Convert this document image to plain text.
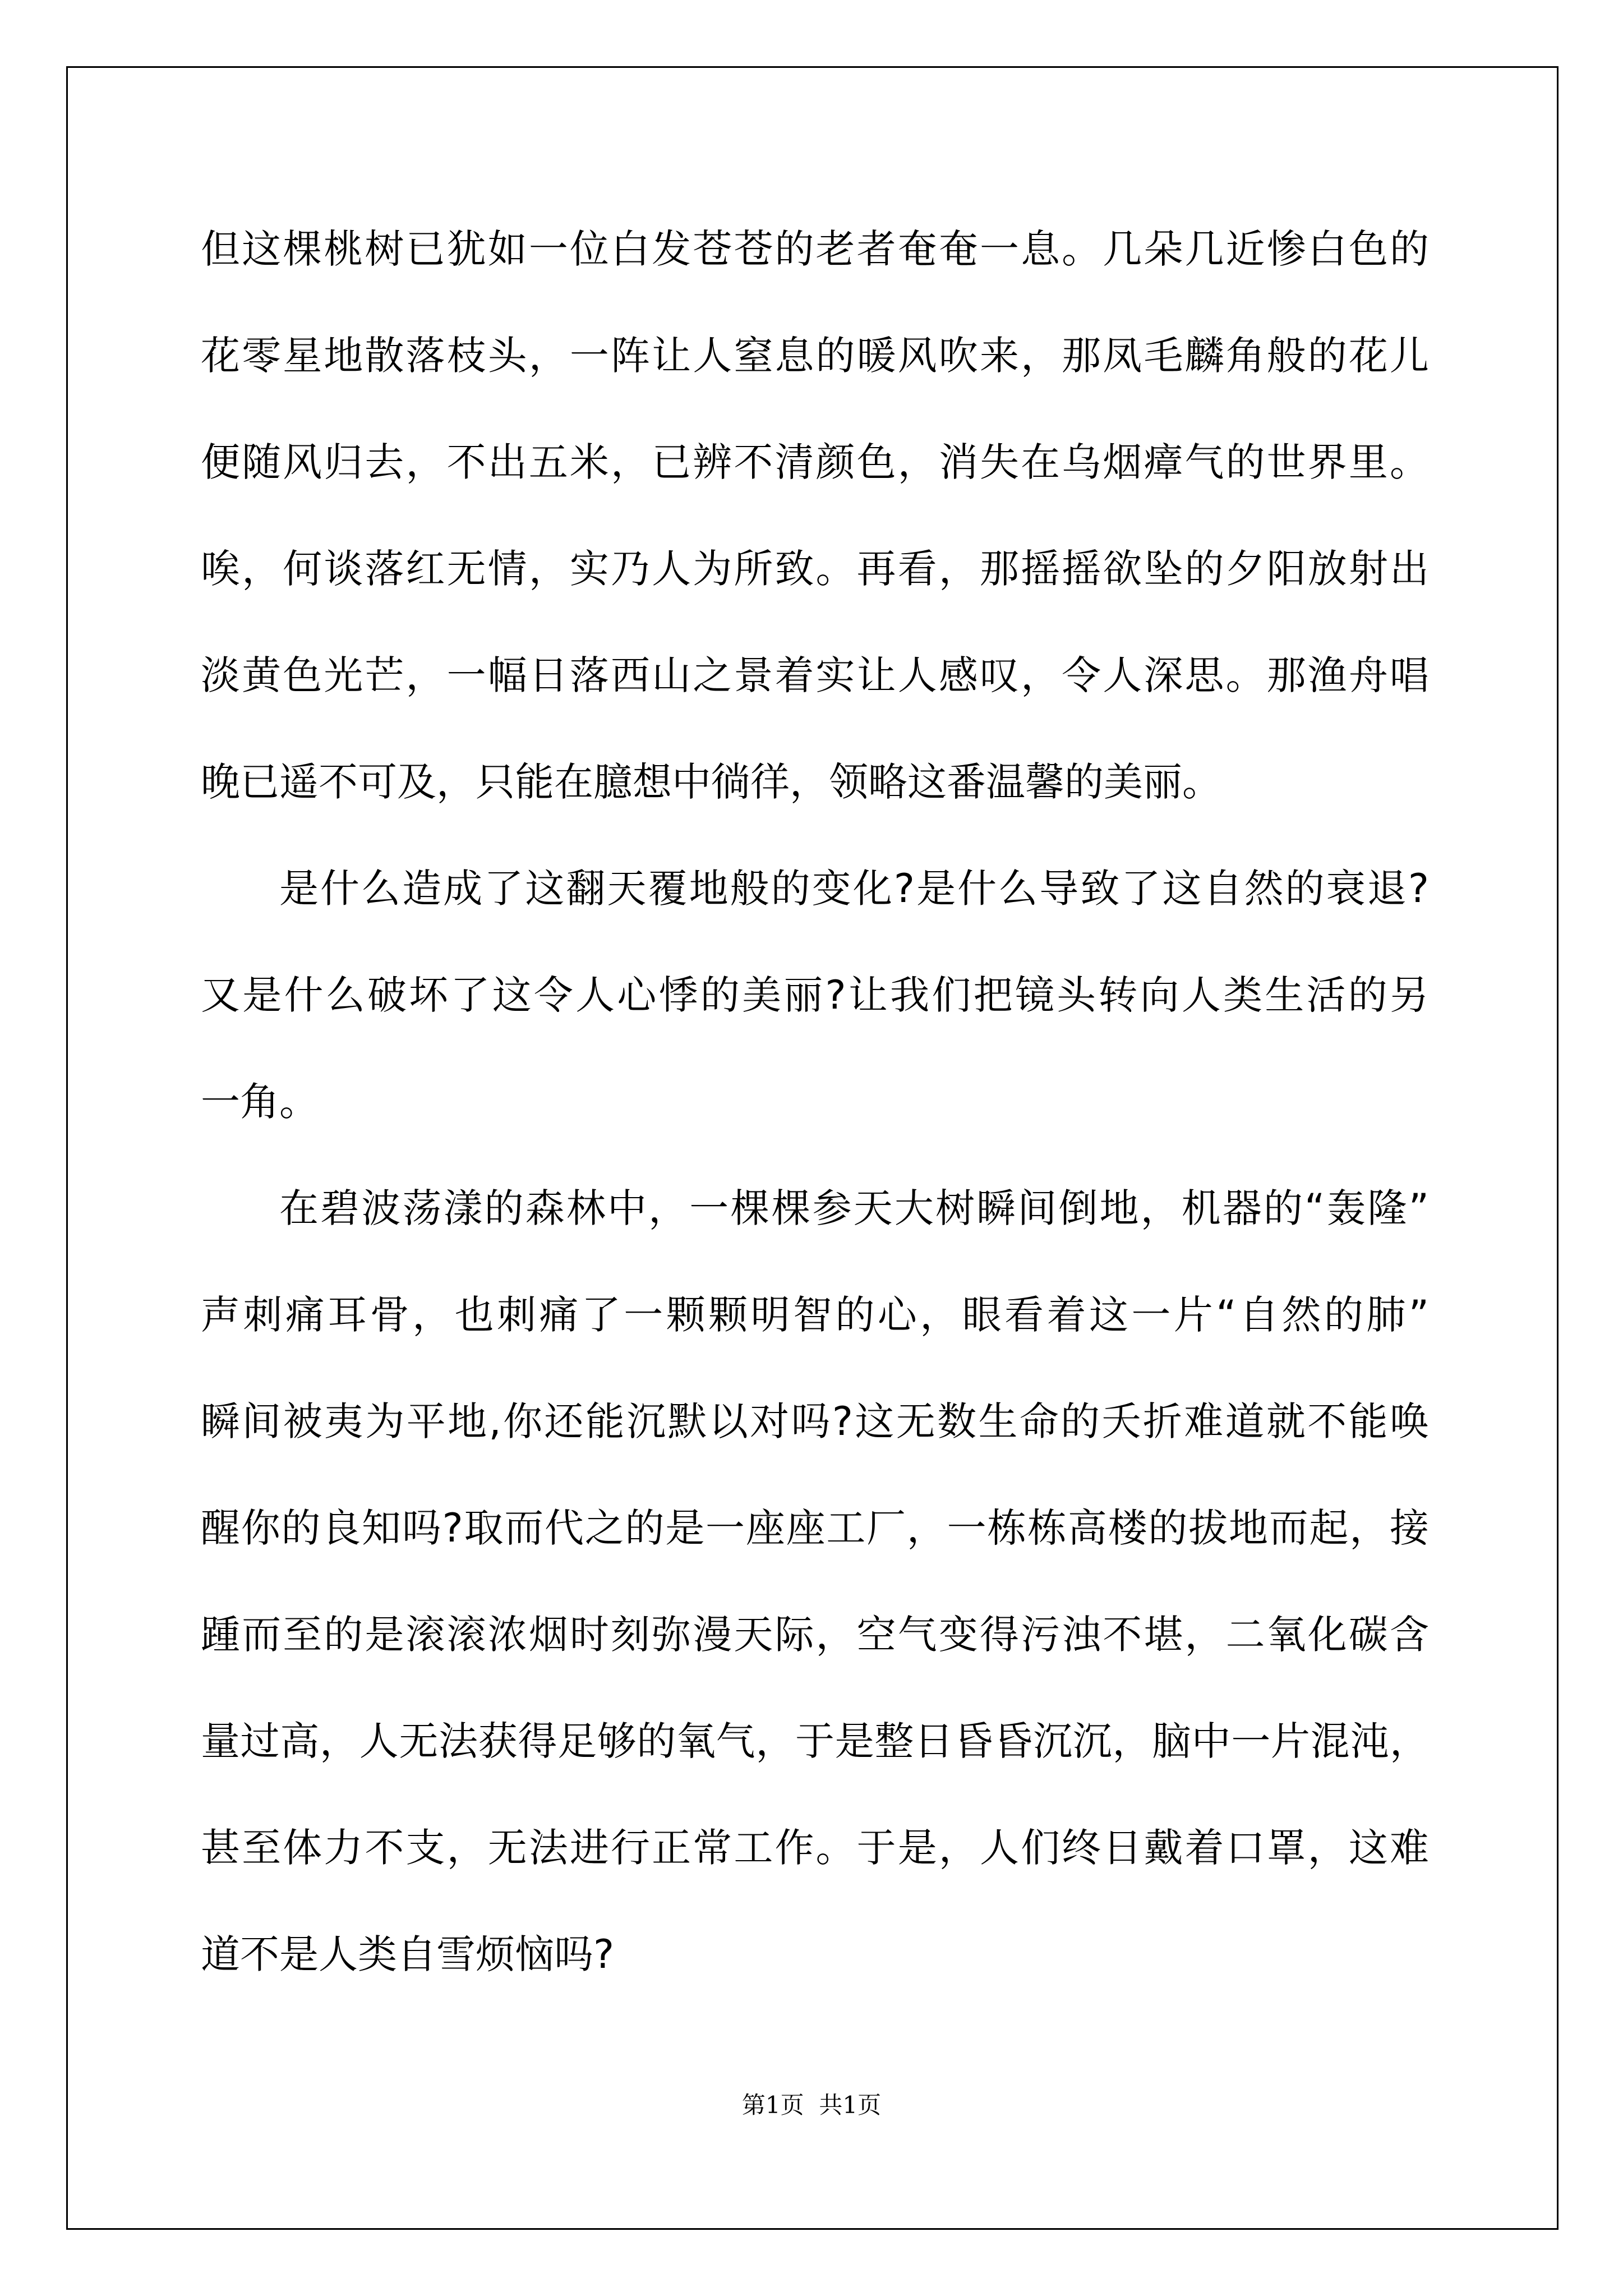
但这棵桃树已犹如一位白发苍苍的老者奄奄一息。几朵几近惨白色的
花零星地散落枝头，一阵让人窒息的暖风吹来，那凤毛麟角般的花儿
便随风归去，不出五米，已辨不清颜色，消失在乌烟瘴气的世界里。
唉，何谈落红无情，实乃人为所致。再看，那摇摇欲坠的夕阳放射出
淡黄色光芒，一幅日落西山之景着实让人感叹，令人深思。那渔舟唱
晚已遥不可及，只能在臆想中徜徉，领略这番温馨的美丽。
是什么造成了这翻天覆地般的变化?是什么导致了这自然的衰退?
又是什么破坏了这令人心悸的美丽?让我们把镜头转向人类生活的另
一角。
在碧波荡漾的森林中，一棵棵参天大树瞬间倒地，机器的“轰隆”
声刺痛耳骨，也刺痛了一颗颗明智的心，眼看着这一片“自然的肺”
瞬间被夷为平地,你还能沉默以对吗?这无数生命的夭折难道就不能唤
醒你的良知吗?取而代之的是一座座工厂，一栋栋高楼的拔地而起，接
踵而至的是滚滚浓烟时刻弥漫天际，空气变得污浊不堪，二氧化碳含
量过高，人无法获得足够的氧气，于是整日昏昏沉沉，脑中一片混沌，
甚至体力不支，无法进行正常工作。于是，人们终日戴着口罩，这难
道不是人类自雪烦恼吗?
第1页  共1页
